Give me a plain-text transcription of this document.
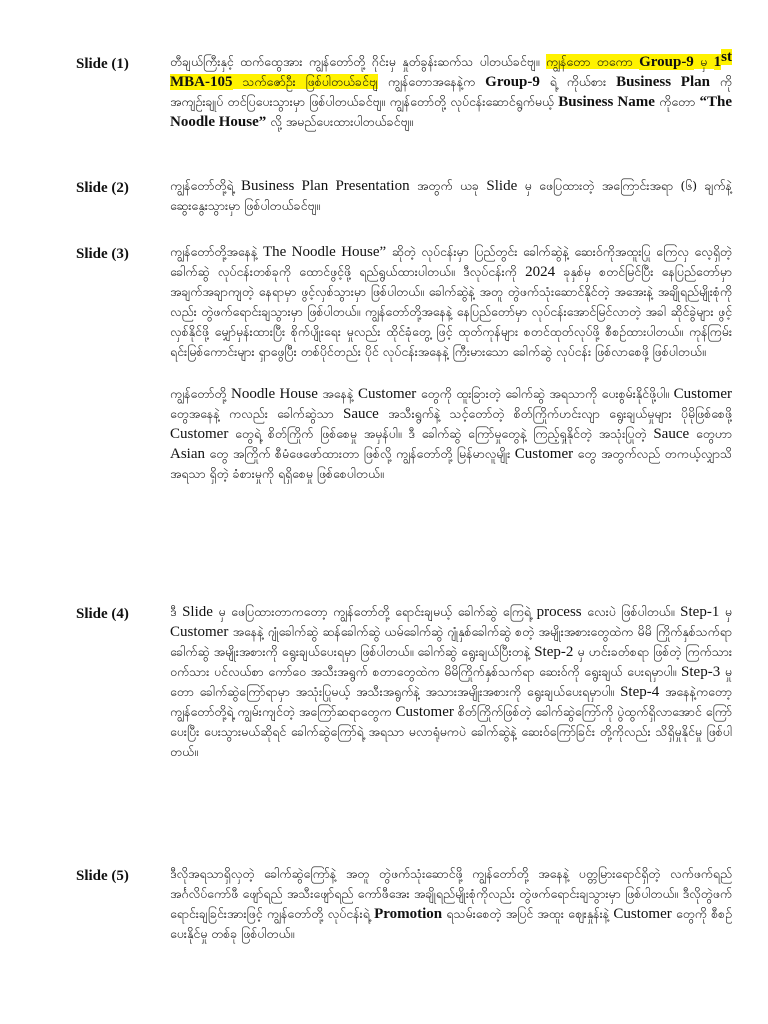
Slide (1)	တီချယ်ကြီးနှင့် ထက်ထွေအား ကျွန်တော်တို့ ဂိုင်းမှ နှုတ်ခွန်းဆက်သ ပါတယ်ခင်ဗျ။ ကျွန်တော တကော Group-9 မှ 1st MBA-105 သက်ဇော်ဦး ဖြစ်ပါတယ်ခင်ဗျ ကျွန်တောအနေနဲ့က Group-9 ရဲ့ ကိုယ်စား Business Plan ကို အကျဉ်းချုပ် တင်ပြပေးသွားမှာ ဖြစ်ပါတယ်ခင်ဗျ။ ကျွန်တော်တို့ လုပ်ငန်းဆောင်ရွက်မယ့် Business Name ကိုတော “The Noodle House” လို့ အမည်ပေးထားပါတယ်ခင်ဗျ။
Slide (2)	ကျွန်တော်တို့ရဲ့ Business Plan Presentation အတွက် ယခု Slide မှ ဖေပြထားတဲ့ အကြောင်းအရာ (၆) ချက်နဲ့ ဆွေးနွေးသွားမှာ ဖြစ်ပါတယ်ခင်ဗျ။
Slide (3)	ကျွန်တော်တို့အနေနဲ့ The Noodle House” ဆိုတဲ့ လုပ်ငန်းမှာ ပြည်တွင်း ခေါက်ဆွဲနဲ့ ဆေးဝ်ကိုအထူးပြု ကြေလှ လေ့ရှိတဲ့ ခေါက်ဆွဲ လုပ်ငန်းတစ်ခုကို ထောင်ဖွင့်ဖို့ ရည်ရွယ်ထားပါတယ်။ ဒီလုပ်ငန်းကို 2024 ခုနှစ်မှ စတင်မြင်ပြီး နေပြည်တော်မှာ အချက်အချာကျတဲ့ နေရာမှာ ဖွင့်လှစ်သွားမှာ ဖြစ်ပါတယ်။ ခေါက်ဆွဲနဲ့ အတူ တွဲဖက်သုံးဆောင်နိုင်တဲ့ အအေးနဲ့ အချိုရည်မျိုးစုံကိုလည်း တွဲဖက်ရောင်းချသွားမှာ ဖြစ်ပါတယ်။ ကျွန်တော်တို့အနေနဲ့ နေပြည်တော်မှာ လုပ်ငန်းအောင်မြင်လာတဲ့ အခါ ဆိုင်ခွဲများ ဖွင့်လှစ်နိုင်ဖို့ မျှော်မှန်းထားပြီး စိုက်ပျိုးရေး မှုလည်း ထိုင်ခုံတွေ့ ဖြင့် ထုတ်ကုန်များ စတင်ထုတ်လုပ်ဖို့ စီစဉ်ထားပါတယ်။ ကုန်ကြမ်းရင်းမြစ်ကောင်းများ ရှာဖွေပြီး တစ်ပိုင်တည်း ပိုင် လုပ်ငန်းအနေနဲ့ ကြီးမားသော ခေါက်ဆွဲ လုပ်ငန်း ဖြစ်လာစေဖို့ ဖြစ်ပါတယ်။
ကျွန်တော်တို့ Noodle House အနေနဲ့ Customer တွေကို ထူးခြားတဲ့ ခေါက်ဆွဲ အရသာကို ပေးစွမ်းနိုင်ဖို့ပါ။ Customer တွေအနေနဲ့ ကလည်း ခေါက်ဆွဲသာ Sauce အသီးရွက်နဲ့ သင့်တော်တဲ့ စိတ်ကြိုက်ဟင်းလျာ ရွေးချယ်မှုများ ပိုမိုဖြစ်စေဖို့ Customer တွေရဲ့ စိတ်ကြိုက် ဖြစ်စေမှု အမှန်ပါ။ ဒီ ခေါက်ဆွဲ ကြော်မှုတွေနဲ့ ကြည့်ရှုနိုင်တဲ့ အသုံးပြုတဲ့ Sauce တွေဟာ Asian တွေ အကြိုက် စီမံဖေဖော်ထားတာ ဖြစ်လို့ ကျွန်တော်တို့ မြန်မာလူမျိုး Customer တွေ အတွက်လည် တကယ့်လျှာသိ အရသာ ရှိတဲ့ ခံစားမှုကို ရရှိစေမှု ဖြစ်စေပါတယ်။
Slide (4)	ဒီ Slide မှ ဖေပြထားတာကတော့ ကျွန်တော်တို့ ရောင်းချမယ့် ခေါက်ဆွဲ ကြေရဲ့ process လေးပဲ ဖြစ်ပါတယ်။ Step-1 မှ Customer အနေနဲ့ ဂျုံခေါက်ဆွဲ ဆန်ခေါက်ဆွဲ ယမ်ခေါက်ဆွဲ ဂျုံနှစ်ခေါက်ဆွဲ စတဲ့ အမျိုးအစားတွေထဲက မိမိ ကြိုက်နှစ်သက်ရာ ခေါက်ဆွဲ အမျိုးအစားကို ရွေးချယ်ပေးရမှာ ဖြစ်ပါတယ်။ ခေါက်ဆွဲ ရွေးချယ်ပြီးတနဲ့ Step-2 မှ ဟင်းခတ်စရာ ဖြစ်တဲ့ ကြက်သား ဝက်သား ပင်လယ်စာ ကော်ဝေ အသီးအရွက် စတာတွေထဲက မိမိကြိုက်နှစ်သက်ရာ ဆေးဝ်ကို ရွေးချယ် ပေးရမှာပါ။ Step-3 မှုတော ခေါက်ဆွဲကြော်ရာမှာ အသုံးပြုမယ့် အသီးအရွက်နဲ့ အသားအမျိုးအစားကို ရွေးချယ်ပေးရမှာပါ။ Step-4 အနေနဲ့ကတော့ ကျွန်တော်တို့ရဲ့ ကျွမ်းကျင်တဲ့ အကြော်ဆရာတွေက Customer စိတ်ကြိုက်ဖြစ်တဲ့ ခေါက်ဆွဲကြော်ကို ပွဲထွက်ရှိလာအောင် ကြော်ပေးပြီး ပေးသွားမယ်ဆိုရင် ခေါက်ဆွဲကြော်ရဲ့ အရသာ မလာရုံမကပဲ ခေါက်ဆွဲနဲ့ ဆေးဝ်ကြော်ခြင်း တို့ကိုလည်း သိရှိမှုနိုင်မှု ဖြစ်ပါတယ်။
Slide (5)	ဒီလိုအရသာရှိလှတဲ့ ခေါက်ဆွဲကြော်နဲ့ အတူ တွဲဖက်သုံးဆောင်ဖို့ ကျွန်တော်တို့ အနေနဲ့ ပတ္တမြားရောင်ရှိတဲ့ လက်ဖက်ရည် အင်္ဂလိပ်ကော်ဖီ ဖျော်ရည် အသီးဖျော်ရည် ကော်ဖီအေး အချိုရည်မျိုးစုံကိုလည်း တွဲဖက်ရောင်းချသွားမှာ ဖြစ်ပါတယ်။ ဒီလိုတွဲဖက် ရောင်းချခြင်းအားဖြင့် ကျွန်တော်တို့ လုပ်ငန်းရဲ့ Promotion ရသမ်းစေတဲ့ အပြင် အထူး ဈေးနှုန်းနဲ့ Customer တွေကို စီစဉ်ပေးနိုင်မှု တစ်ခု ဖြစ်ပါတယ်။
